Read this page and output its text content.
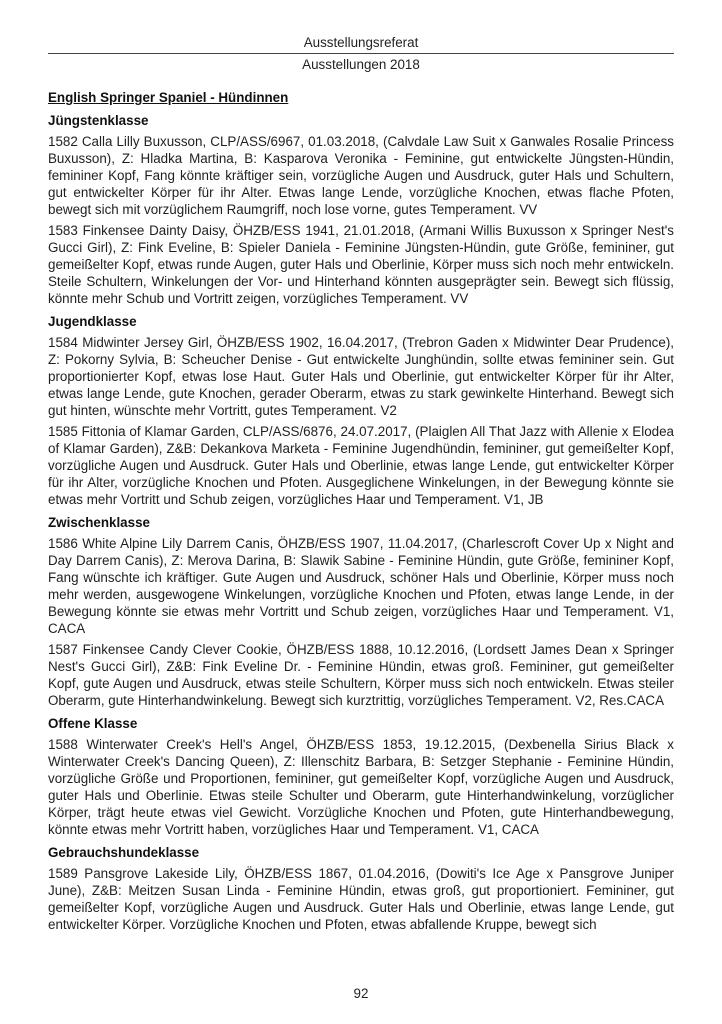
Ausstellungsreferat
Ausstellungen 2018
English Springer Spaniel - Hündinnen
Jüngstenklasse

1582 Calla Lilly Buxusson, CLP/ASS/6967, 01.03.2018, (Calvdale Law Suit x Ganwales Rosalie Princess Buxusson), Z: Hladka Martina, B: Kasparova Veronika - Feminine, gut entwickelte Jüngsten-Hündin, femininer Kopf, Fang könnte kräftiger sein, vorzügliche Augen und Ausdruck, guter Hals und Schultern, gut entwickelter Körper für ihr Alter. Etwas lange Lende, vorzügliche Knochen, etwas flache Pfoten, bewegt sich mit vorzüglichem Raumgriff, noch lose vorne, gutes Temperament. VV

1583 Finkensee Dainty Daisy, ÖHZB/ESS 1941, 21.01.2018, (Armani Willis Buxusson x Springer Nest's Gucci Girl), Z: Fink Eveline, B: Spieler Daniela - Feminine Jüngsten-Hündin, gute Größe, femininer, gut gemeißelter Kopf, etwas runde Augen, guter Hals und Oberlinie, Körper muss sich noch mehr entwickeln. Steile Schultern, Winkelungen der Vor- und Hinterhand könnten ausgeprägter sein. Bewegt sich flüssig, könnte mehr Schub und Vortritt zeigen, vorzügliches Temperament. VV

Jugendklasse

1584 Midwinter Jersey Girl, ÖHZB/ESS 1902, 16.04.2017, (Trebron Gaden x Midwinter Dear Prudence), Z: Pokorny Sylvia, B: Scheucher Denise - Gut entwickelte Junghündin, sollte etwas femininer sein. Gut proportionierter Kopf, etwas lose Haut. Guter Hals und Oberlinie, gut entwickelter Körper für ihr Alter, etwas lange Lende, gute Knochen, gerader Oberarm, etwas zu stark gewinkelte Hinterhand. Bewegt sich gut hinten, wünschte mehr Vortritt, gutes Temperament. V2

1585 Fittonia of Klamar Garden, CLP/ASS/6876, 24.07.2017, (Plaiglen All That Jazz with Allenie x Elodea of Klamar Garden), Z&B: Dekankova Marketa - Feminine Jugendhündin, femininer, gut gemeißelter Kopf, vorzügliche Augen und Ausdruck. Guter Hals und Oberlinie, etwas lange Lende, gut entwickelter Körper für ihr Alter, vorzügliche Knochen und Pfoten. Ausgeglichene Winkelungen, in der Bewegung könnte sie etwas mehr Vortritt und Schub zeigen, vorzügliches Haar und Temperament. V1, JB

Zwischenklasse

1586 White Alpine Lily Darrem Canis, ÖHZB/ESS 1907, 11.04.2017, (Charlescroft Cover Up x Night and Day Darrem Canis), Z: Merova Darina, B: Slawik Sabine - Feminine Hündin, gute Größe, femininer Kopf, Fang wünschte ich kräftiger. Gute Augen und Ausdruck, schöner Hals und Oberlinie, Körper muss noch mehr werden, ausgewogene Winkelungen, vorzügliche Knochen und Pfoten, etwas lange Lende, in der Bewegung könnte sie etwas mehr Vortritt und Schub zeigen, vorzügliches Haar und Temperament. V1, CACA

1587 Finkensee Candy Clever Cookie, ÖHZB/ESS 1888, 10.12.2016, (Lordsett James Dean x Springer Nest's Gucci Girl), Z&B: Fink Eveline Dr. - Feminine Hündin, etwas groß. Femininer, gut gemeißelter Kopf, gute Augen und Ausdruck, etwas steile Schultern, Körper muss sich noch entwickeln. Etwas steiler Oberarm, gute Hinterhandwinkelung. Bewegt sich kurztrittig, vorzügliches Temperament. V2, Res.CACA

Offene Klasse

1588 Winterwater Creek's Hell's Angel, ÖHZB/ESS 1853, 19.12.2015, (Dexbenella Sirius Black x Winterwater Creek's Dancing Queen), Z: Illenschitz Barbara, B: Setzger Stephanie - Feminine Hündin, vorzügliche Größe und Proportionen, femininer, gut gemeißelter Kopf, vorzügliche Augen und Ausdruck, guter Hals und Oberlinie. Etwas steile Schulter und Oberarm, gute Hinterhandwinkelung, vorzüglicher Körper, trägt heute etwas viel Gewicht. Vorzügliche Knochen und Pfoten, gute Hinterhandbewegung, könnte etwas mehr Vortritt haben, vorzügliches Haar und Temperament. V1, CACA

Gebrauchshundeklasse

1589 Pansgrove Lakeside Lily, ÖHZB/ESS 1867, 01.04.2016, (Dowiti's Ice Age x Pansgrove Juniper June), Z&B: Meitzen Susan Linda - Feminine Hündin, etwas groß, gut proportioniert. Femininer, gut gemeißelter Kopf, vorzügliche Augen und Ausdruck. Guter Hals und Oberlinie, etwas lange Lende, gut entwickelter Körper. Vorzügliche Knochen und Pfoten, etwas abfallende Kruppe, bewegt sich

92
